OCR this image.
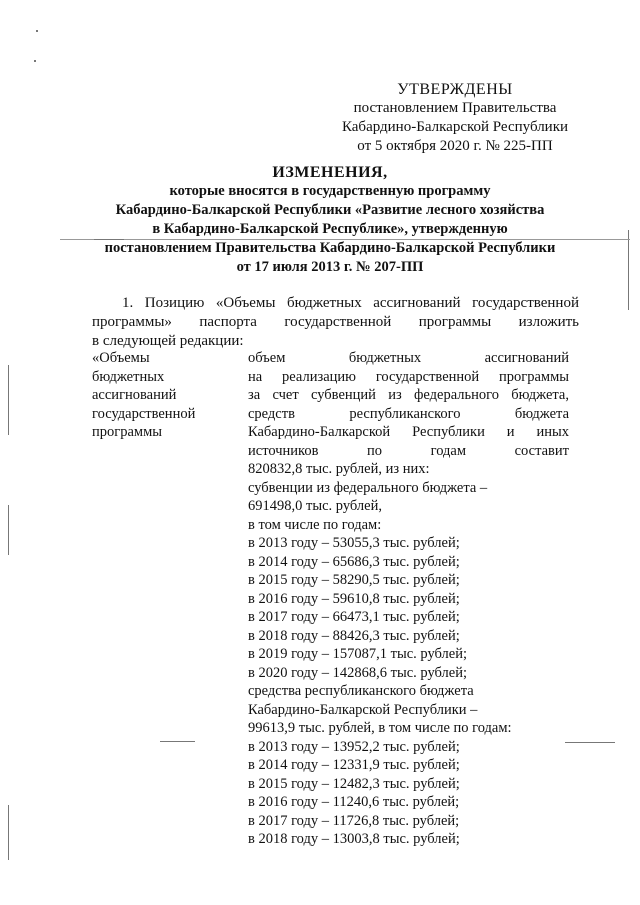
УТВЕРЖДЕНЫ
постановлением Правительства
Кабардино-Балкарской Республики
от 5 октября 2020 г. № 225-ПП
ИЗМЕНЕНИЯ,
которые вносятся в государственную программу
Кабардино-Балкарской Республики «Развитие лесного хозяйства
в Кабардино-Балкарской Республике», утвержденную
постановлением Правительства Кабардино-Балкарской Республики
от 17 июля 2013 г. № 207-ПП
1. Позицию «Объемы бюджетных ассигнований государственной
программы» паспорта государственной программы изложить
в следующей редакции:
«Объемы
бюджетных
ассигнований
государственной
программы
объем бюджетных ассигнований
на реализацию государственной программы
за счет субвенций из федерального бюджета,
средств республиканского бюджета
Кабардино-Балкарской Республики и иных
источников по годам составит
820832,8 тыс. рублей, из них:
субвенции из федерального бюджета –
691498,0 тыс. рублей,
в том числе по годам:
в 2013 году – 53055,3 тыс. рублей;
в 2014 году – 65686,3 тыс. рублей;
в 2015 году – 58290,5 тыс. рублей;
в 2016 году – 59610,8 тыс. рублей;
в 2017 году – 66473,1 тыс. рублей;
в 2018 году – 88426,3 тыс. рублей;
в 2019 году – 157087,1 тыс. рублей;
в 2020 году – 142868,6 тыс. рублей;
средства республиканского бюджета
Кабардино-Балкарской Республики –
99613,9 тыс. рублей, в том числе по годам:
в 2013 году – 13952,2 тыс. рублей;
в 2014 году – 12331,9 тыс. рублей;
в 2015 году – 12482,3 тыс. рублей;
в 2016 году – 11240,6 тыс. рублей;
в 2017 году – 11726,8 тыс. рублей;
в 2018 году – 13003,8 тыс. рублей;
